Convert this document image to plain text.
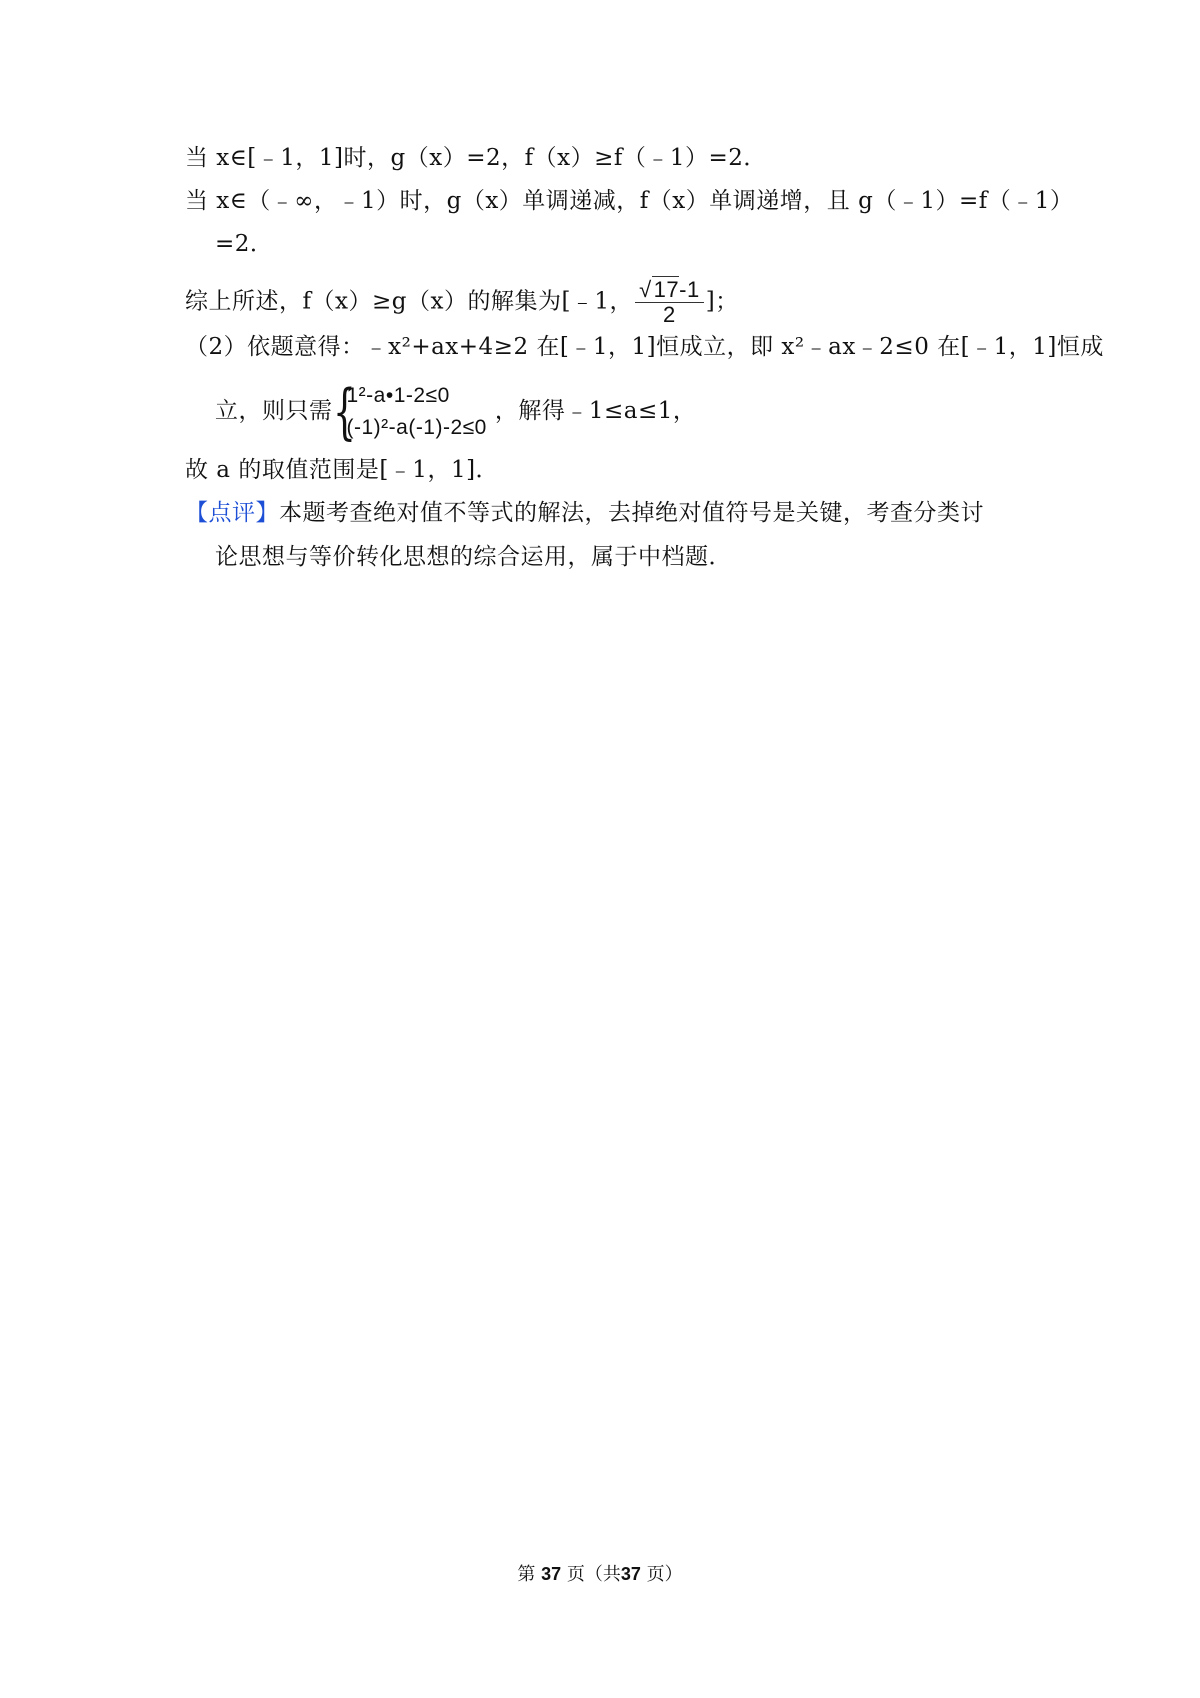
当 x∈[﹣1，1]时，g（x）=2，f（x）≥f（﹣1）=2．
当 x∈（﹣∞，﹣1）时，g（x）单调递减，f（x）单调递增，且 g（﹣1）=f（﹣1）
=2．
综上所述，f（x）≥g（x）的解集为[﹣1， $\frac{√17-1}{2}$ ]；
（2）依题意得：﹣x²+ax+4≥2 在[﹣1，1]恒成立，即 x²﹣ax﹣2≤0 在[﹣1，1]恒成
立，则只需 {
1²-a•1-2≤0
(-1)²-a(-1)-2≤0
，解得﹣1≤a≤1，
故 a 的取值范围是[﹣1，1]．
【点评】本题考查绝对值不等式的解法，去掉绝对值符号是关键，考查分类讨
论思想与等价转化思想的综合运用，属于中档题．
第 37 页（共37 页）
